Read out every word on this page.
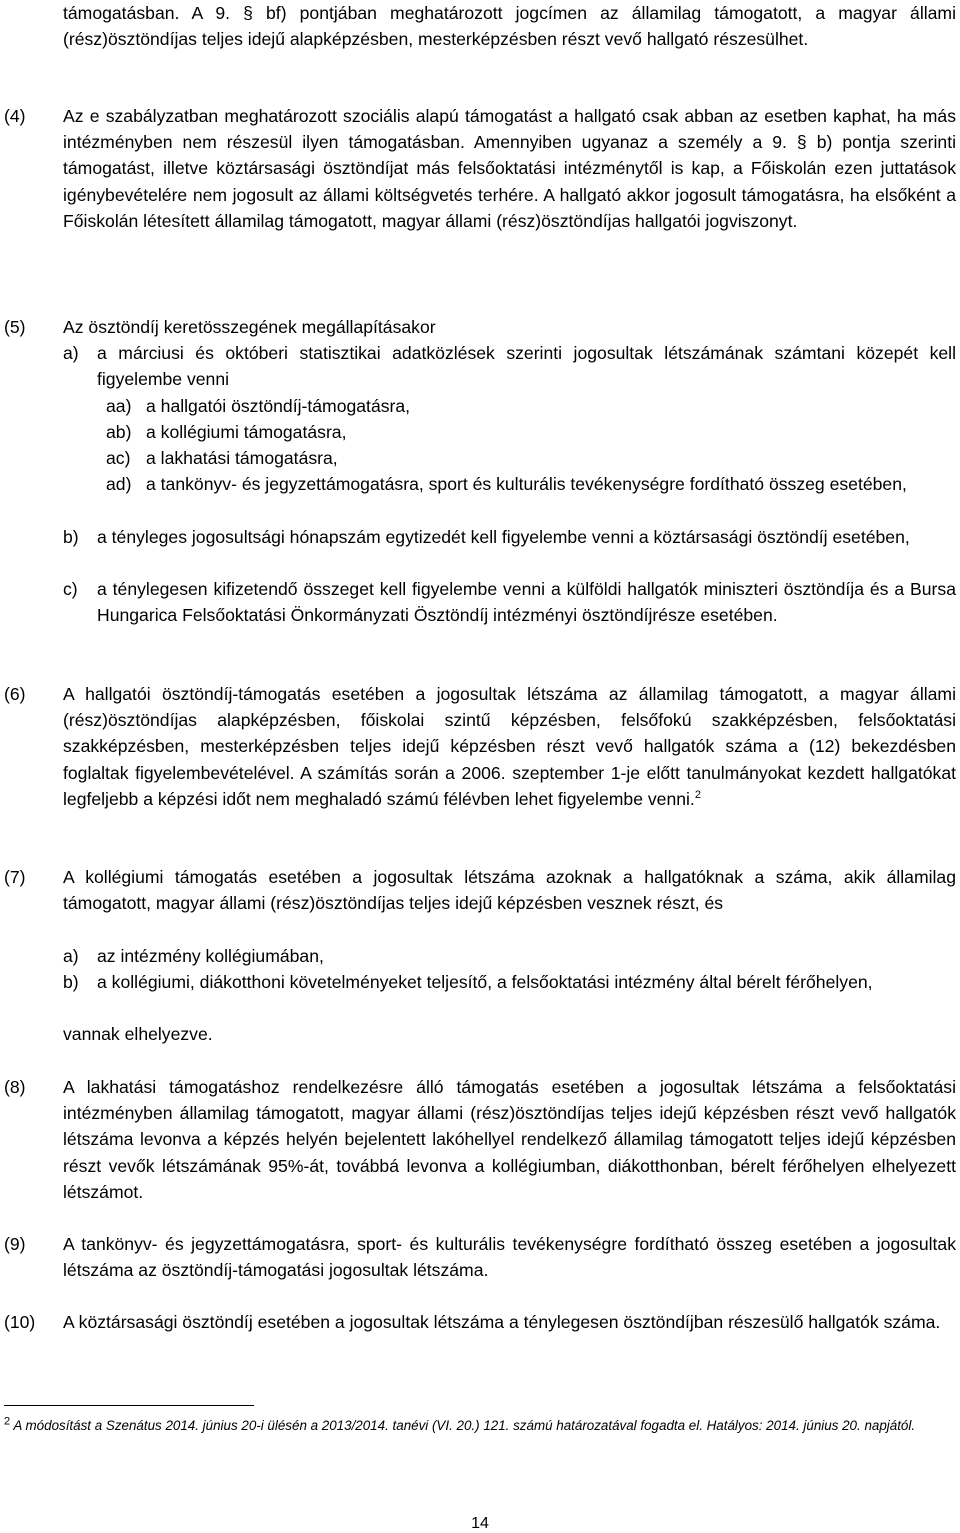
támogatásban. A 9. § bf) pontjában meghatározott jogcímen az államilag támogatott, a magyar állami (rész)ösztöndíjas teljes idejű alapképzésben, mesterképzésben részt vevő hallgató részesülhet.

(4) Az e szabályzatban meghatározott szociális alapú támogatást a hallgató csak abban az esetben kaphat, ha más intézményben nem részesül ilyen támogatásban. Amennyiben ugyanaz a személy a 9. § b) pontja szerinti támogatást, illetve köztársasági ösztöndíjat más felsőoktatási intézménytől is kap, a Főiskolán ezen juttatások igénybevételére nem jogosult az állami költségvetés terhére. A hallgató akkor jogosult támogatásra, ha elsőként a Főiskolán létesített államilag támogatott, magyar állami (rész)ösztöndíjas hallgatói jogviszonyt.

(5) Az ösztöndíj keretösszegének megállapításakor

a) a márciusi és októberi statisztikai adatközlések szerinti jogosultak létszámának számtani közepét kell figyelembe venni
aa) a hallgatói ösztöndíj-támogatásra,
ab) a kollégiumi támogatásra,
ac) a lakhatási támogatásra,
ad) a tankönyv- és jegyzettámogatásra, sport és kulturális tevékenységre fordítható összeg esetében,
b) a tényleges jogosultsági hónapszám egytizedét kell figyelembe venni a köztársasági ösztöndíj esetében,
c) a ténylegesen kifizetendő összeget kell figyelembe venni a külföldi hallgatók miniszteri ösztöndíja és a Bursa Hungarica Felsőoktatási Önkormányzati Ösztöndíj intézményi ösztöndíjrésze esetében.
(6) A hallgatói ösztöndíj-támogatás esetében a jogosultak létszáma az államilag támogatott, a magyar állami (rész)ösztöndíjas alapképzésben, főiskolai szintű képzésben, felsőfokú szakképzésben, felsőoktatási szakképzésben, mesterképzésben teljes idejű képzésben részt vevő hallgatók száma a (12) bekezdésben foglaltak figyelembevételével. A számítás során a 2006. szeptember 1-je előtt tanulmányokat kezdett hallgatókat legfeljebb a képzési időt nem meghaladó számú félévben lehet figyelembe venni.$^2$

(7) A kollégiumi támogatás esetében a jogosultak létszáma azoknak a hallgatóknak a száma, akik államilag támogatott, magyar állami (rész)ösztöndíjas teljes idejű képzésben vesznek részt, és

a) az intézmény kollégiumában,
b) a kollégiumi, diákotthoni követelményeket teljesítő, a felsőoktatási intézmény által bérelt férőhelyen,

vannak elhelyezve.

(8) A lakhatási támogatáshoz rendelkezésre álló támogatás esetében a jogosultak létszáma a felsőoktatási intézményben államilag támogatott, magyar állami (rész)ösztöndíjas teljes idejű képzésben részt vevő hallgatók létszáma levonva a képzés helyén bejelentett lakóhellyel rendelkező államilag támogatott teljes idejű képzésben részt vevők létszámának 95%-át, továbbá levonva a kollégiumban, diákotthonban, bérelt férőhelyen elhelyezett létszámot.

(9) A tankönyv- és jegyzettámogatásra, sport- és kulturális tevékenységre fordítható összeg esetében a jogosultak létszáma az ösztöndíj-támogatási jogosultak létszáma.

(10) A köztársasági ösztöndíj esetében a jogosultak létszáma a ténylegesen ösztöndíjban részesülő hallgatók száma.

$^2$ A módosítást a Szenátus 2014. június 20-i ülésén a 2013/2014. tanévi (VI. 20.) 121. számú határozatával fogadta el. Hatályos: 2014. június 20. napjától.
14
